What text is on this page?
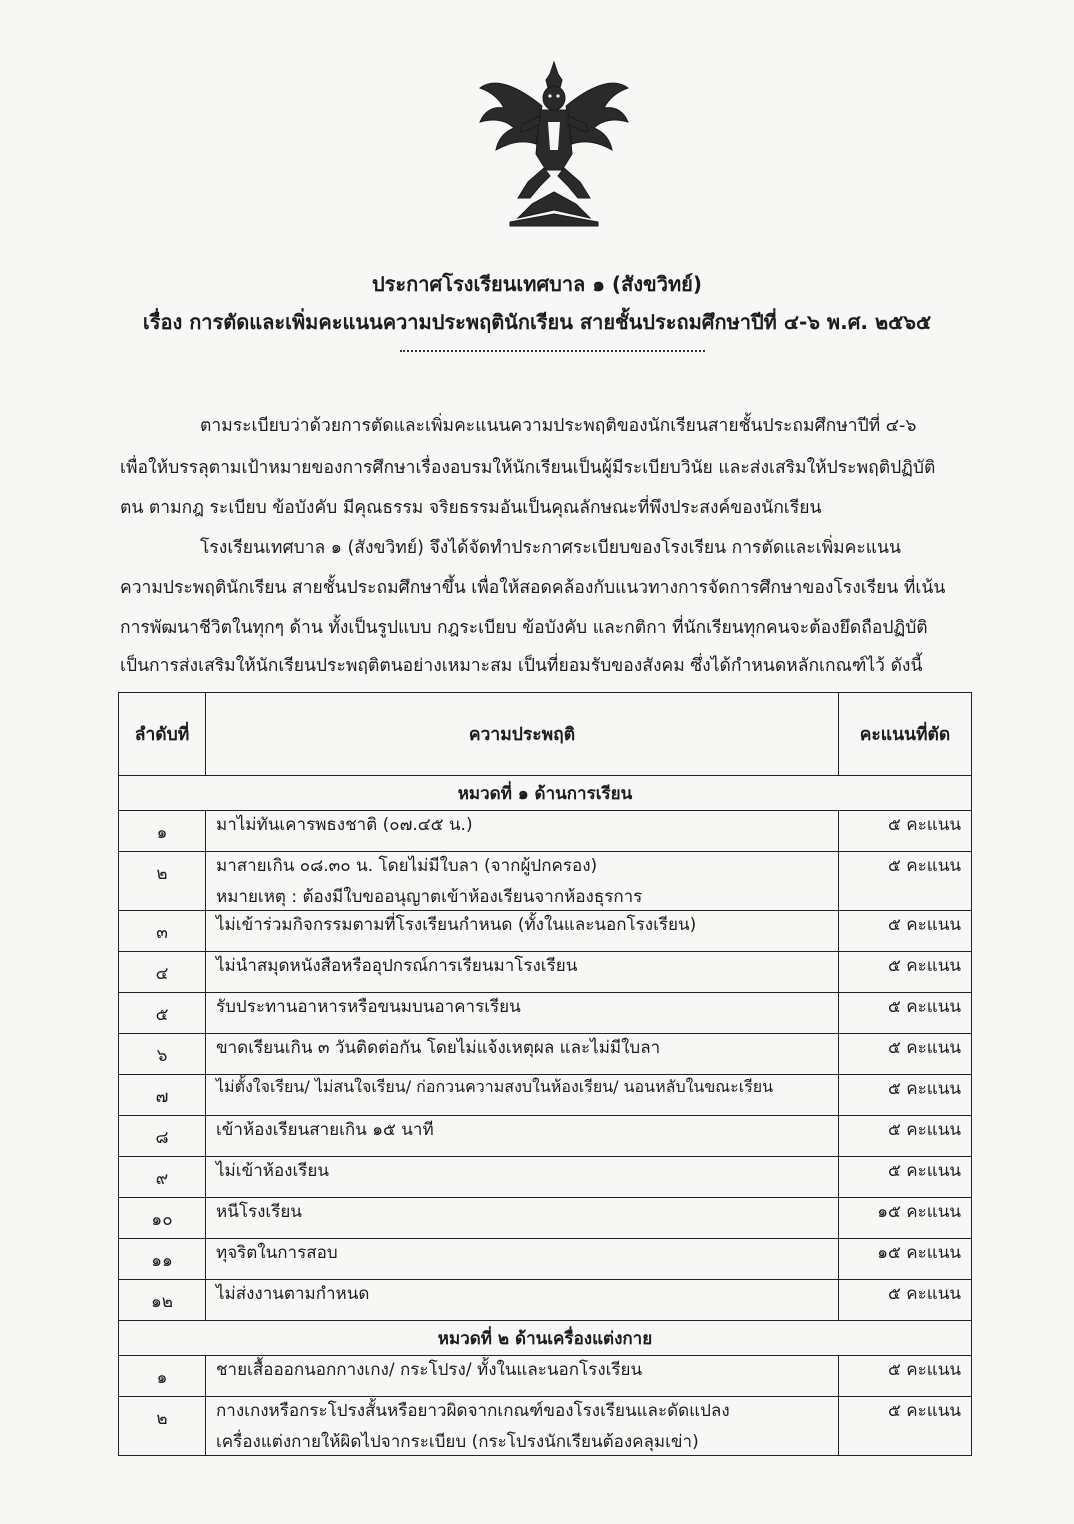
ประกาศโรงเรียนเทศบาล ๑ (สังขวิทย์)
เรื่อง การตัดและเพิ่มคะแนนความประพฤตินักเรียน สายชั้นประถมศึกษาปีที่ ๔-๖ พ.ศ. ๒๕๖๕
ตามระเบียบว่าด้วยการตัดและเพิ่มคะแนนความประพฤติของนักเรียนสายชั้นประถมศึกษาปีที่ ๔-๖
เพื่อให้บรรลุตามเป้าหมายของการศึกษาเรื่องอบรมให้นักเรียนเป็นผู้มีระเบียบวินัย และส่งเสริมให้ประพฤติปฏิบัติ
ตน ตามกฎ ระเบียบ ข้อบังคับ มีคุณธรรม จริยธรรมอันเป็นคุณลักษณะที่พึงประสงค์ของนักเรียน
โรงเรียนเทศบาล ๑ (สังขวิทย์) จึงได้จัดทำประกาศระเบียบของโรงเรียน การตัดและเพิ่มคะแนน
ความประพฤตินักเรียน สายชั้นประถมศึกษาขึ้น เพื่อให้สอดคล้องกับแนวทางการจัดการศึกษาของโรงเรียน ที่เน้น
การพัฒนาชีวิตในทุกๆ ด้าน ทั้งเป็นรูปแบบ กฎระเบียบ ข้อบังคับ และกติกา ที่นักเรียนทุกคนจะต้องยึดถือปฏิบัติ
เป็นการส่งเสริมให้นักเรียนประพฤติตนอย่างเหมาะสม เป็นที่ยอมรับของสังคม ซึ่งได้กำหนดหลักเกณฑ์ไว้ ดังนี้
ลำดับที่	ความประพฤติ	คะแนนที่ตัด
หมวดที่ ๑ ด้านการเรียน		
๑	มาไม่ทันเคารพธงชาติ (๐๗.๔๕ น.)	๕ คะแนน
๒	มาสายเกิน ๐๘.๓๐ น. โดยไม่มีใบลา (จากผู้ปกครอง)
หมายเหตุ : ต้องมีใบขออนุญาตเข้าห้องเรียนจากห้องธุรการ	๕ คะแนน
๓	ไม่เข้าร่วมกิจกรรมตามที่โรงเรียนกำหนด (ทั้งในและนอกโรงเรียน)	๕ คะแนน
๔	ไม่นำสมุดหนังสือหรืออุปกรณ์การเรียนมาโรงเรียน	๕ คะแนน
๕	รับประทานอาหารหรือขนมบนอาคารเรียน	๕ คะแนน
๖	ขาดเรียนเกิน ๓ วันติดต่อกัน โดยไม่แจ้งเหตุผล และไม่มีใบลา	๕ คะแนน
๗	ไม่ตั้งใจเรียน/ ไม่สนใจเรียน/ ก่อกวนความสงบในห้องเรียน/ นอนหลับในขณะเรียน	๕ คะแนน
๘	เข้าห้องเรียนสายเกิน ๑๕ นาที	๕ คะแนน
๙	ไม่เข้าห้องเรียน	๕ คะแนน
๑๐	หนีโรงเรียน	๑๕ คะแนน
๑๑	ทุจริตในการสอบ	๑๕ คะแนน
๑๒	ไม่ส่งงานตามกำหนด	๕ คะแนน
หมวดที่ ๒ ด้านเครื่องแต่งกาย		
๑	ชายเสื้อออกนอกกางเกง/ กระโปรง/ ทั้งในและนอกโรงเรียน	๕ คะแนน
๒	กางเกงหรือกระโปรงสั้นหรือยาวผิดจากเกณฑ์ของโรงเรียนและดัดแปลง
เครื่องแต่งกายให้ผิดไปจากระเบียบ (กระโปรงนักเรียนต้องคลุมเข่า)	๕ คะแนน
